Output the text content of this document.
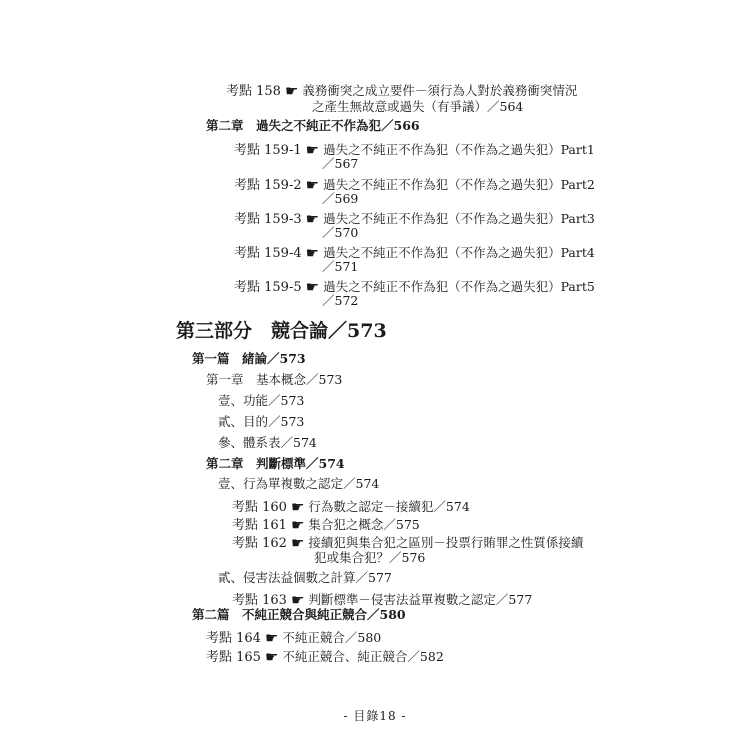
考點 158 ☛ 義務衝突之成立要件－須行為人對於義務衝突情況
之產生無故意或過失（有爭議）／564
第二章　過失之不純正不作為犯／566
考點 159-1 ☛ 過失之不純正不作為犯（不作為之過失犯）Part1
／567
考點 159-2 ☛ 過失之不純正不作為犯（不作為之過失犯）Part2
／569
考點 159-3 ☛ 過失之不純正不作為犯（不作為之過失犯）Part3
／570
考點 159-4 ☛ 過失之不純正不作為犯（不作為之過失犯）Part4
／571
考點 159-5 ☛ 過失之不純正不作為犯（不作為之過失犯）Part5
／572
第三部分　競合論／573
第一篇　緒論／573
第一章　基本概念／573
壹、功能／573
貳、目的／573
參、體系表／574
第二章　判斷標準／574
壹、行為單複數之認定／574
考點 160 ☛ 行為數之認定－接續犯／574
考點 161 ☛ 集合犯之概念／575
考點 162 ☛ 接續犯與集合犯之區別－投票行賄罪之性質係接續
犯或集合犯？／576
貳、侵害法益個數之計算／577
考點 163 ☛ 判斷標準－侵害法益單複數之認定／577
第二篇　不純正競合與純正競合／580
考點 164 ☛ 不純正競合／580
考點 165 ☛ 不純正競合、純正競合／582
- 目錄18 -
